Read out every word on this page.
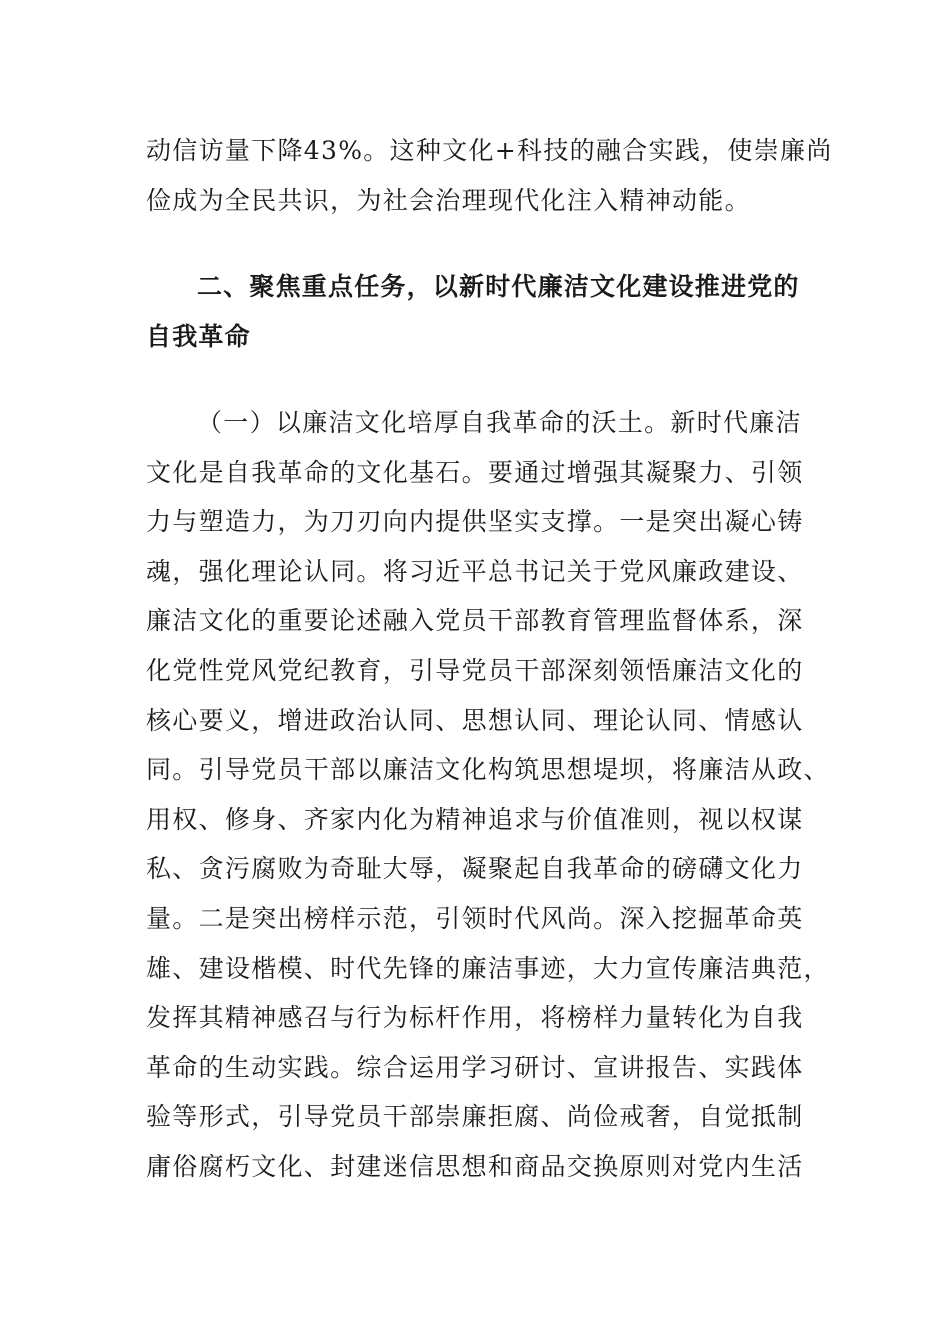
动信访量下降43%。这种文化+科技的融合实践，使崇廉尚
俭成为全民共识，为社会治理现代化注入精神动能。
二、聚焦重点任务，以新时代廉洁文化建设推进党的
自我革命
（一）以廉洁文化培厚自我革命的沃土。新时代廉洁
文化是自我革命的文化基石。要通过增强其凝聚力、引领
力与塑造力，为刀刃向内提供坚实支撑。一是突出凝心铸
魂，强化理论认同。将习近平总书记关于党风廉政建设、
廉洁文化的重要论述融入党员干部教育管理监督体系，深
化党性党风党纪教育，引导党员干部深刻领悟廉洁文化的
核心要义，增进政治认同、思想认同、理论认同、情感认
同。引导党员干部以廉洁文化构筑思想堤坝，将廉洁从政、
用权、修身、齐家内化为精神追求与价值准则，视以权谋
私、贪污腐败为奇耻大辱，凝聚起自我革命的磅礴文化力
量。二是突出榜样示范，引领时代风尚。深入挖掘革命英
雄、建设楷模、时代先锋的廉洁事迹，大力宣传廉洁典范，
发挥其精神感召与行为标杆作用，将榜样力量转化为自我
革命的生动实践。综合运用学习研讨、宣讲报告、实践体
验等形式，引导党员干部崇廉拒腐、尚俭戒奢，自觉抵制
庸俗腐朽文化、封建迷信思想和商品交换原则对党内生活
